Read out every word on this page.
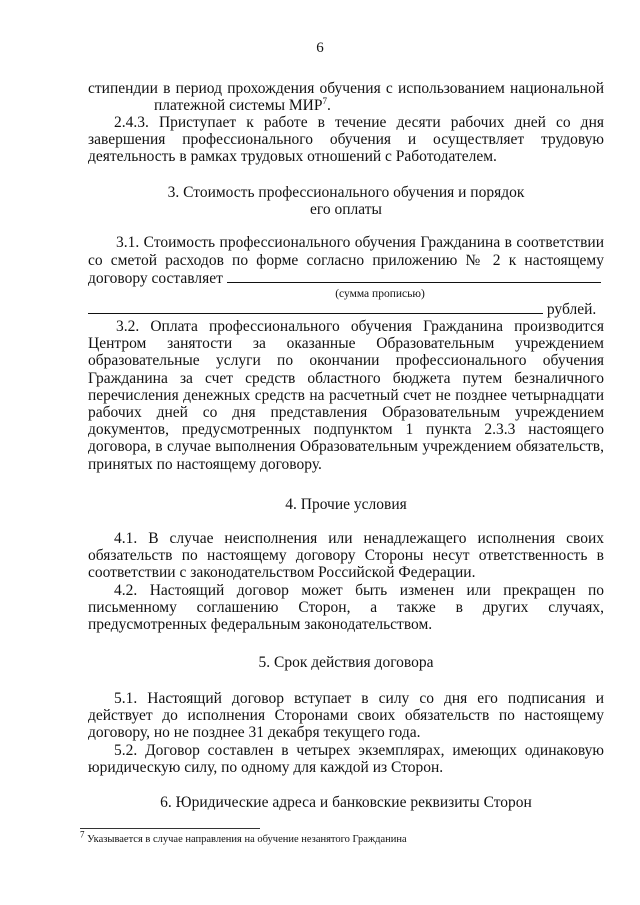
6
стипендии в период прохождения обучения с использованием национальной
платежной системы МИР$^7$.
2.4.3. Приступает к работе в течение десяти рабочих дней со дня завершения профессионального обучения и осуществляет трудовую деятельность в рамках трудовых отношений с Работодателем.
3. Стоимость профессионального обучения и порядок
его оплаты
3.1. Стоимость профессионального обучения Гражданина в соответствии
со сметой расходов по форме согласно приложению № 2 к настоящему
договору составляет
(сумма прописью)
рублей.
3.2. Оплата профессионального обучения Гражданина производится Центром занятости за оказанные Образовательным учреждением образовательные услуги по окончании профессионального обучения Гражданина за счет средств областного бюджета путем безналичного перечисления денежных средств на расчетный счет не позднее четырнадцати рабочих дней со дня представления Образовательным учреждением документов, предусмотренных подпунктом 1 пункта 2.3.3 настоящего договора, в случае выполнения Образовательным учреждением обязательств, принятых по настоящему договору.
4. Прочие условия
4.1. В случае неисполнения или ненадлежащего исполнения своих обязательств по настоящему договору Стороны несут ответственность в соответствии с законодательством Российской Федерации.
4.2. Настоящий договор может быть изменен или прекращен по письменному соглашению Сторон, а также в других случаях, предусмотренных федеральным законодательством.
5. Срок действия договора
5.1. Настоящий договор вступает в силу со дня его подписания и действует до исполнения Сторонами своих обязательств по настоящему договору, но не позднее 31 декабря текущего года.
5.2. Договор составлен в четырех экземплярах, имеющих одинаковую юридическую силу, по одному для каждой из Сторон.
6. Юридические адреса и банковские реквизиты Сторон
$^7$ Указывается в случае направления на обучение незанятого Гражданина
